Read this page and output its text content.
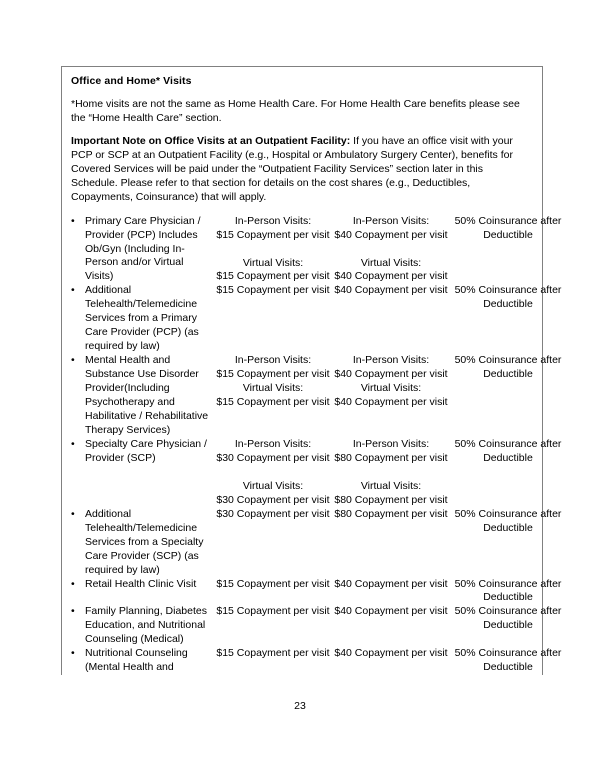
Office and Home* Visits

*Home visits are not the same as Home Health Care. For Home Health Care benefits please see the “Home Health Care” section.

Important Note on Office Visits at an Outpatient Facility: If you have an office visit with your PCP or SCP at an Outpatient Facility (e.g., Hospital or Ambulatory Surgery Center), benefits for Covered Services will be paid under the “Outpatient Facility Services” section later in this Schedule. Please refer to that section for details on the cost shares (e.g., Deductibles, Copayments, Coinsurance) that will apply.

• Primary Care Physician / Provider (PCP) Includes Ob/Gyn (Including In-Person and/or Virtual Visits)
In-Person Visits:
$15 Copayment per visit
Virtual Visits:
$15 Copayment per visit
In-Person Visits:
$40 Copayment per visit
Virtual Visits:
$40 Copayment per visit
50% Coinsurance after Deductible
• Additional Telehealth/Telemedicine Services from a Primary Care Provider (PCP) (as required by law)
$15 Copayment per visit $40 Copayment per visit 50% Coinsurance after Deductible
• Mental Health and Substance Use Disorder Provider(Including Psychotherapy and Habilitative / Rehabilitative Therapy Services)
In-Person Visits:
$15 Copayment per visit
Virtual Visits:
$15 Copayment per visit
In-Person Visits:
$40 Copayment per visit
Virtual Visits:
$40 Copayment per visit
50% Coinsurance after Deductible
• Specialty Care Physician / Provider (SCP)
In-Person Visits:
$30 Copayment per visit
Virtual Visits:
$30 Copayment per visit
In-Person Visits:
$80 Copayment per visit
Virtual Visits:
$80 Copayment per visit
50% Coinsurance after Deductible
• Additional Telehealth/Telemedicine Services from a Specialty Care Provider (SCP) (as required by law)
$30 Copayment per visit $80 Copayment per visit 50% Coinsurance after Deductible
• Retail Health Clinic Visit	$15 Copayment per visit $40 Copayment per visit 50% Coinsurance after Deductible
• Family Planning, Diabetes Education, and Nutritional Counseling (Medical)
$15 Copayment per visit $40 Copayment per visit 50% Coinsurance after Deductible
• Nutritional Counseling (Mental Health and
$15 Copayment per visit $40 Copayment per visit 50% Coinsurance after Deductible
23
